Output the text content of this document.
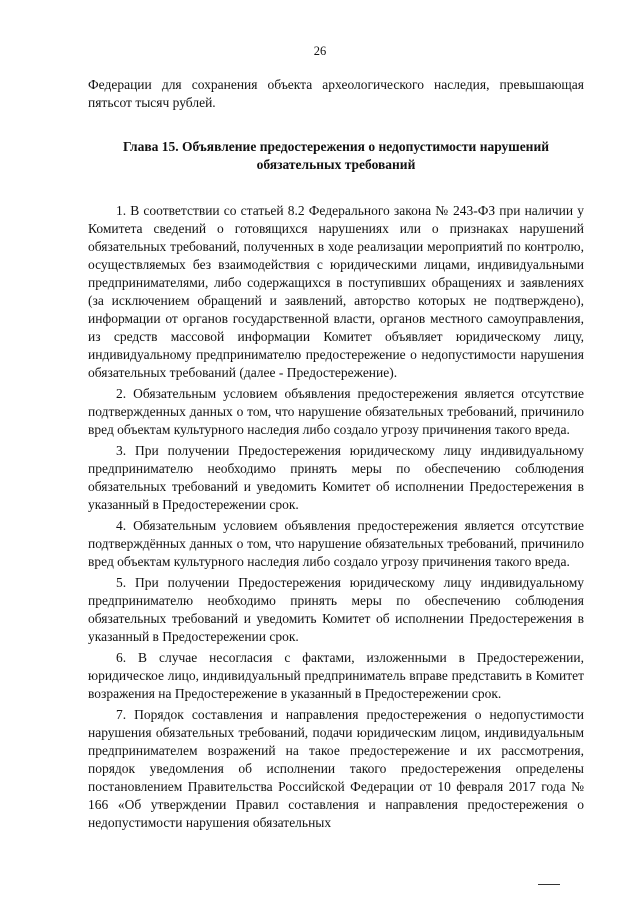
26

Федерации для сохранения объекта археологического наследия, превышающая пятьсот тысяч рублей.

Глава 15. Объявление предостережения о недопустимости нарушений обязательных требований

1. В соответствии со статьей 8.2 Федерального закона № 243-ФЗ при наличии у Комитета сведений о готовящихся нарушениях или о признаках нарушений обязательных требований, полученных в ходе реализации мероприятий по контролю, осуществляемых без взаимодействия с юридическими лицами, индивидуальными предпринимателями, либо содержащихся в поступивших обращениях и заявлениях (за исключением обращений и заявлений, авторство которых не подтверждено), информации от органов государственной власти, органов местного самоуправления, из средств массовой информации Комитет объявляет юридическому лицу, индивидуальному предпринимателю предостережение о недопустимости нарушения обязательных требований (далее - Предостережение).

2. Обязательным условием объявления предостережения является отсутствие подтвержденных данных о том, что нарушение обязательных требований, причинило вред объектам культурного наследия либо создало угрозу причинения такого вреда.

3. При получении Предостережения юридическому лицу индивидуальному предпринимателю необходимо принять меры по обеспечению соблюдения обязательных требований и уведомить Комитет об исполнении Предостережения в указанный в Предостережении срок.

4. Обязательным условием объявления предостережения является отсутствие подтверждённых данных о том, что нарушение обязательных требований, причинило вред объектам культурного наследия либо создало угрозу причинения такого вреда.

5. При получении Предостережения юридическому лицу индивидуальному предпринимателю необходимо принять меры по обеспечению соблюдения обязательных требований и уведомить Комитет об исполнении Предостережения в указанный в Предостережении срок.

6. В случае несогласия с фактами, изложенными в Предостережении, юридическое лицо, индивидуальный предприниматель вправе представить в Комитет возражения на Предостережение в указанный в Предостережении срок.

7. Порядок составления и направления предостережения о недопустимости нарушения обязательных требований, подачи юридическим лицом, индивидуальным предпринимателем возражений на такое предостережение и их рассмотрения, порядок уведомления об исполнении такого предостережения определены постановлением Правительства Российской Федерации от 10 февраля 2017 года № 166 «Об утверждении Правил составления и направления предостережения о недопустимости нарушения обязательных
